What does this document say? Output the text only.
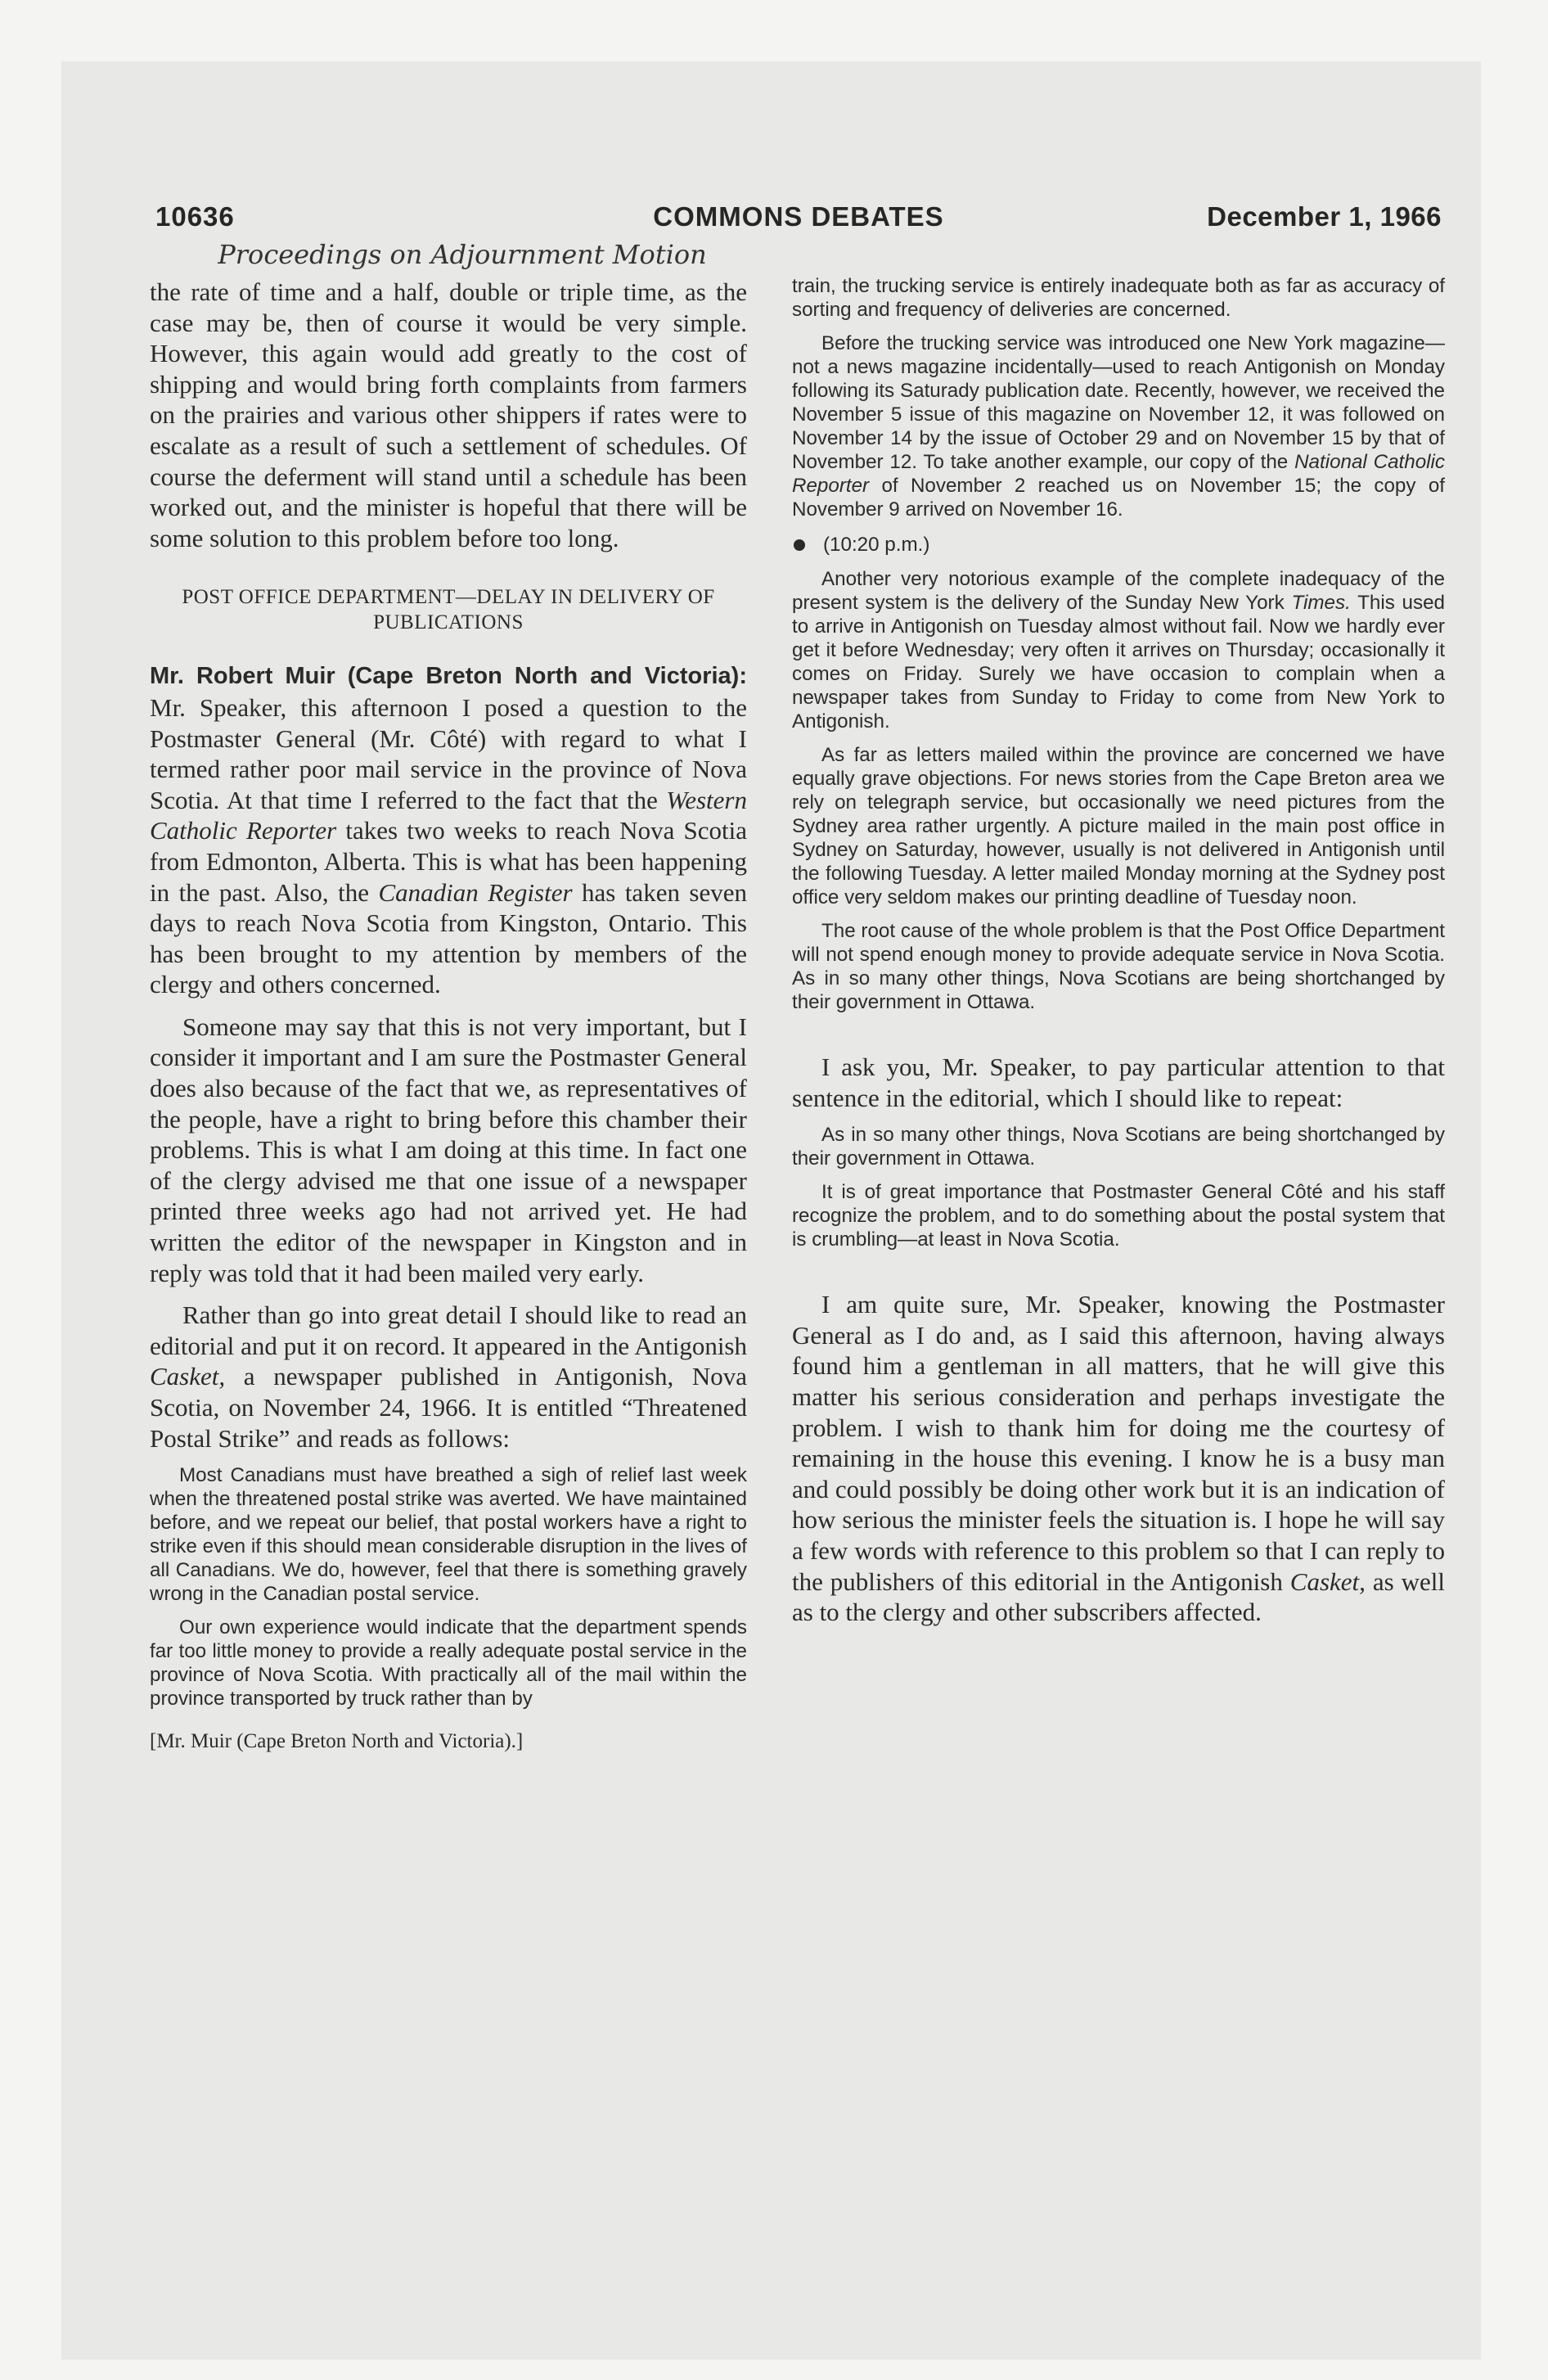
10636	COMMONS DEBATES	December 1, 1966
Proceedings on Adjournment Motion

the rate of time and a half, double or triple time, as the case may be, then of course it would be very simple. However, this again would add greatly to the cost of shipping and would bring forth complaints from farmers on the prairies and various other shippers if rates were to escalate as a result of such a settlement of schedules. Of course the deferment will stand until a schedule has been worked out, and the minister is hopeful that there will be some solution to this problem before too long.

POST OFFICE DEPARTMENT—DELAY IN DELIVERY OF PUBLICATIONS

Mr. Robert Muir (Cape Breton North and Victoria): Mr. Speaker, this afternoon I posed a question to the Postmaster General (Mr. Côté) with regard to what I termed rather poor mail service in the province of Nova Scotia. At that time I referred to the fact that the Western Catholic Reporter takes two weeks to reach Nova Scotia from Edmonton, Alberta. This is what has been happening in the past. Also, the Canadian Register has taken seven days to reach Nova Scotia from Kingston, Ontario. This has been brought to my attention by members of the clergy and others concerned.

Someone may say that this is not very important, but I consider it important and I am sure the Postmaster General does also because of the fact that we, as representatives of the people, have a right to bring before this chamber their problems. This is what I am doing at this time. In fact one of the clergy advised me that one issue of a newspaper printed three weeks ago had not arrived yet. He had written the editor of the newspaper in Kingston and in reply was told that it had been mailed very early.

Rather than go into great detail I should like to read an editorial and put it on record. It appeared in the Antigonish Casket, a newspaper published in Antigonish, Nova Scotia, on November 24, 1966. It is entitled “Threatened Postal Strike” and reads as follows:

Most Canadians must have breathed a sigh of relief last week when the threatened postal strike was averted. We have maintained before, and we repeat our belief, that postal workers have a right to strike even if this should mean considerable disruption in the lives of all Canadians. We do, however, feel that there is something gravely wrong in the Canadian postal service.

Our own experience would indicate that the department spends far too little money to provide a really adequate postal service in the province of Nova Scotia. With practically all of the mail within the province transported by truck rather than by

[Mr. Muir (Cape Breton North and Victoria).]

train, the trucking service is entirely inadequate both as far as accuracy of sorting and frequency of deliveries are concerned.

Before the trucking service was introduced one New York magazine—not a news magazine incidentally—used to reach Antigonish on Monday following its Saturady publication date. Recently, however, we received the November 5 issue of this magazine on November 12, it was followed on November 14 by the issue of October 29 and on November 15 by that of November 12. To take another example, our copy of the National Catholic Reporter of November 2 reached us on November 15; the copy of November 9 arrived on November 16.

(10:20 p.m.)

Another very notorious example of the complete inadequacy of the present system is the delivery of the Sunday New York Times. This used to arrive in Antigonish on Tuesday almost without fail. Now we hardly ever get it before Wednesday; very often it arrives on Thursday; occasionally it comes on Friday. Surely we have occasion to complain when a newspaper takes from Sunday to Friday to come from New York to Antigonish.

As far as letters mailed within the province are concerned we have equally grave objections. For news stories from the Cape Breton area we rely on telegraph service, but occasionally we need pictures from the Sydney area rather urgently. A picture mailed in the main post office in Sydney on Saturday, however, usually is not delivered in Antigonish until the following Tuesday. A letter mailed Monday morning at the Sydney post office very seldom makes our printing deadline of Tuesday noon.

The root cause of the whole problem is that the Post Office Department will not spend enough money to provide adequate service in Nova Scotia. As in so many other things, Nova Scotians are being shortchanged by their government in Ottawa.

I ask you, Mr. Speaker, to pay particular attention to that sentence in the editorial, which I should like to repeat:

As in so many other things, Nova Scotians are being shortchanged by their government in Ottawa.

It is of great importance that Postmaster General Côté and his staff recognize the problem, and to do something about the postal system that is crumbling—at least in Nova Scotia.

I am quite sure, Mr. Speaker, knowing the Postmaster General as I do and, as I said this afternoon, having always found him a gentleman in all matters, that he will give this matter his serious consideration and perhaps investigate the problem. I wish to thank him for doing me the courtesy of remaining in the house this evening. I know he is a busy man and could possibly be doing other work but it is an indication of how serious the minister feels the situation is. I hope he will say a few words with reference to this problem so that I can reply to the publishers of this editorial in the Antigonish Casket, as well as to the clergy and other subscribers affected.
